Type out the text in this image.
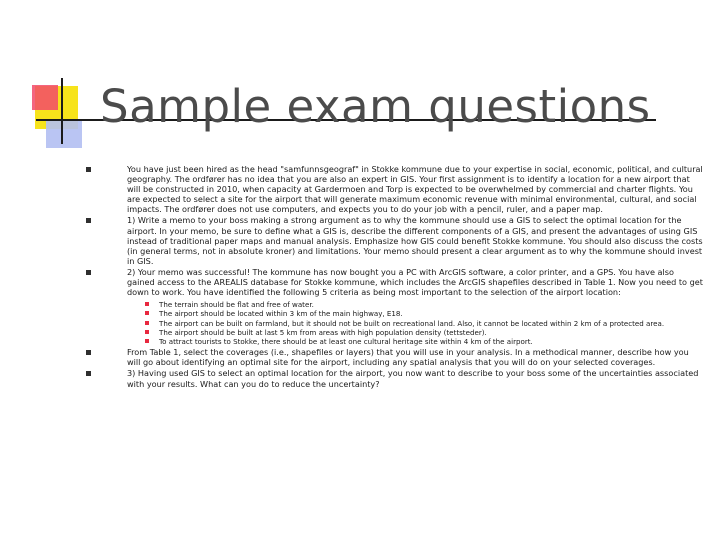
Sample exam questions
You have just been hired as the head "samfunnsgeograf" in Stokke kommune due to your expertise in social, economic, political, and cultural geography. The ordfører has no idea that you are also an expert in GIS. Your first assignment is to identify a location for a new airport that will be constructed in 2010, when capacity at Gardermoen and Torp is expected to be overwhelmed by commercial and charter flights. You are expected to select a site for the airport that will generate maximum economic revenue with minimal environmental, cultural, and social impacts. The ordfører does not use computers, and expects you to do your job with a pencil, ruler, and a paper map.
1) Write a memo to your boss making a strong argument as to why the kommune should use a GIS to select the optimal location for the airport. In your memo, be sure to define what a GIS is, describe the different components of a GIS, and present the advantages of using GIS instead of traditional paper maps and manual analysis. Emphasize how GIS could benefit Stokke kommune. You should also discuss the costs (in general terms, not in absolute kroner) and limitations. Your memo should present a clear argument as to why the kommune should invest in GIS.
2) Your memo was successful! The kommune has now bought you a PC with ArcGIS software, a color printer, and a GPS. You have also gained access to the AREALIS database for Stokke kommune, which includes the ArcGIS shapefiles described in Table 1. Now you need to get down to work. You have identified the following 5 criteria as being most important to the selection of the airport location:
The terrain should be flat and free of water.
The airport should be located within 3 km of the main highway, E18.
The airport can be built on farmland, but it should not be built on recreational land. Also, it cannot be located within 2 km of a protected area.
The airport should be built at last 5 km from areas with high population density (tettsteder).
To attract tourists to Stokke, there should be at least one cultural heritage site within 4 km of the airport.
From Table 1, select the coverages (i.e., shapefiles or layers) that you will use in your analysis. In a methodical manner, describe how you will go about identifying an optimal site for the airport, including any spatial analysis that you will do on your selected coverages.
3) Having used GIS to select an optimal location for the airport, you now want to describe to your boss some of the uncertainties associated with your results. What can you do to reduce the uncertainty?
